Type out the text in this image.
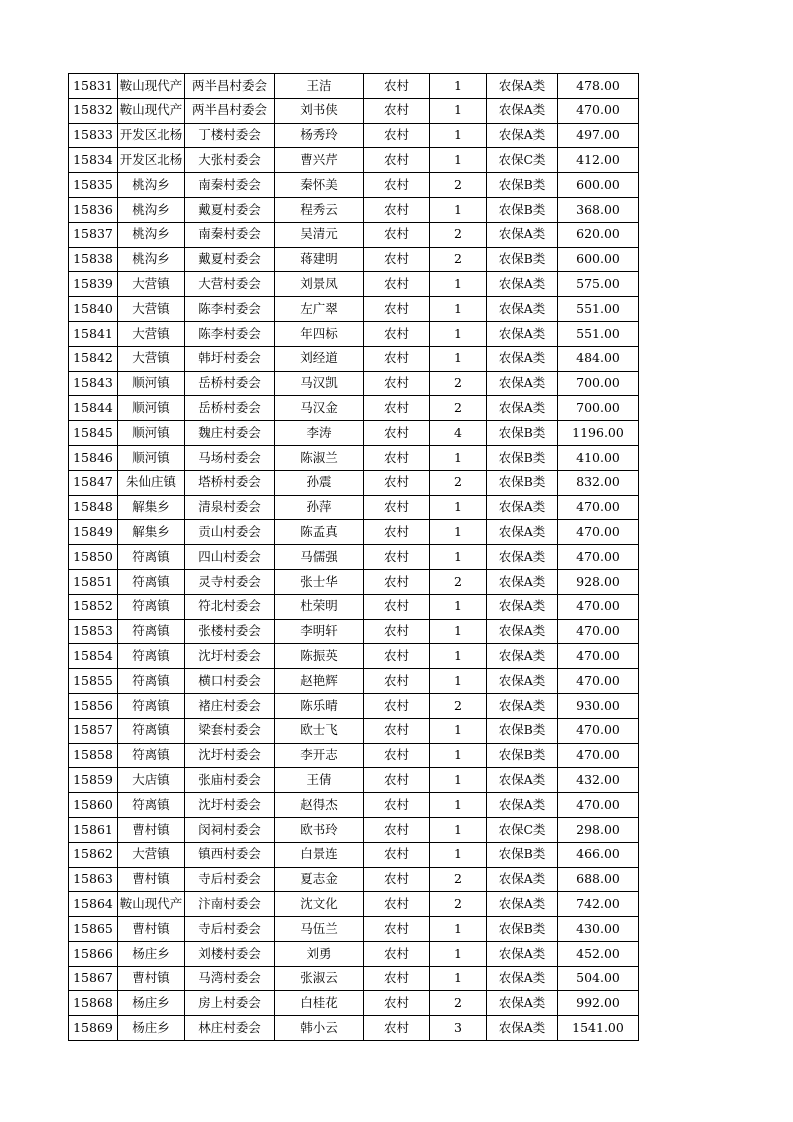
15831	鞍山现代产	两半昌村委会	王洁	农村	1	农保A类	478.00
15832	鞍山现代产	两半昌村委会	刘书侠	农村	1	农保A类	470.00
15833	开发区北杨	丁楼村委会	杨秀玲	农村	1	农保A类	497.00
15834	开发区北杨	大张村委会	曹兴芹	农村	1	农保C类	412.00
15835	桃沟乡	南秦村委会	秦怀美	农村	2	农保B类	600.00
15836	桃沟乡	戴夏村委会	程秀云	农村	1	农保B类	368.00
15837	桃沟乡	南秦村委会	吴清元	农村	2	农保A类	620.00
15838	桃沟乡	戴夏村委会	蒋建明	农村	2	农保B类	600.00
15839	大营镇	大营村委会	刘景凤	农村	1	农保A类	575.00
15840	大营镇	陈李村委会	左广翠	农村	1	农保A类	551.00
15841	大营镇	陈李村委会	年四标	农村	1	农保A类	551.00
15842	大营镇	韩圩村委会	刘经道	农村	1	农保A类	484.00
15843	顺河镇	岳桥村委会	马汉凯	农村	2	农保A类	700.00
15844	顺河镇	岳桥村委会	马汉金	农村	2	农保A类	700.00
15845	顺河镇	魏庄村委会	李涛	农村	4	农保B类	1196.00
15846	顺河镇	马场村委会	陈淑兰	农村	1	农保B类	410.00
15847	朱仙庄镇	塔桥村委会	孙震	农村	2	农保B类	832.00
15848	解集乡	清泉村委会	孙萍	农村	1	农保A类	470.00
15849	解集乡	贡山村委会	陈孟真	农村	1	农保A类	470.00
15850	符离镇	四山村委会	马儒强	农村	1	农保A类	470.00
15851	符离镇	灵寺村委会	张士华	农村	2	农保A类	928.00
15852	符离镇	符北村委会	杜荣明	农村	1	农保A类	470.00
15853	符离镇	张楼村委会	李明轩	农村	1	农保A类	470.00
15854	符离镇	沈圩村委会	陈振英	农村	1	农保A类	470.00
15855	符离镇	横口村委会	赵艳辉	农村	1	农保A类	470.00
15856	符离镇	褚庄村委会	陈乐晴	农村	2	农保A类	930.00
15857	符离镇	梁套村委会	欧士飞	农村	1	农保B类	470.00
15858	符离镇	沈圩村委会	李开志	农村	1	农保B类	470.00
15859	大店镇	张庙村委会	王倩	农村	1	农保A类	432.00
15860	符离镇	沈圩村委会	赵得杰	农村	1	农保A类	470.00
15861	曹村镇	闵祠村委会	欧书玲	农村	1	农保C类	298.00
15862	大营镇	镇西村委会	白景连	农村	1	农保B类	466.00
15863	曹村镇	寺后村委会	夏志金	农村	2	农保A类	688.00
15864	鞍山现代产	汴南村委会	沈文化	农村	2	农保A类	742.00
15865	曹村镇	寺后村委会	马伍兰	农村	1	农保B类	430.00
15866	杨庄乡	刘楼村委会	刘勇	农村	1	农保A类	452.00
15867	曹村镇	马湾村委会	张淑云	农村	1	农保A类	504.00
15868	杨庄乡	房上村委会	白桂花	农村	2	农保A类	992.00
15869	杨庄乡	林庄村委会	韩小云	农村	3	农保A类	1541.00
